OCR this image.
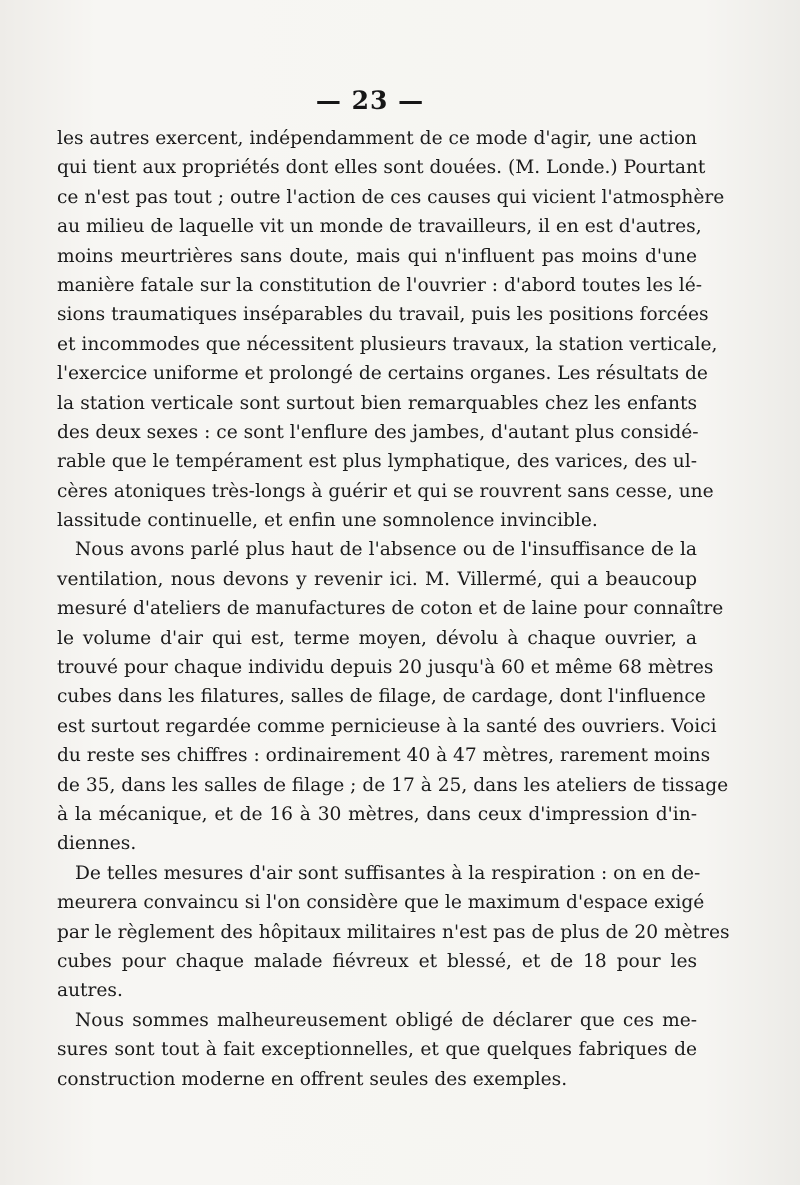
— 23 —
les autres exercent, indépendamment de ce mode d'agir, une action
qui tient aux propriétés dont elles sont douées. (M. Londe.) Pourtant
ce n'est pas tout ; outre l'action de ces causes qui vicient l'atmosphère
au milieu de laquelle vit un monde de travailleurs, il en est d'autres,
moins meurtrières sans doute, mais qui n'influent pas moins d'une
manière fatale sur la constitution de l'ouvrier : d'abord toutes les lé-
sions traumatiques inséparables du travail, puis les positions forcées
et incommodes que nécessitent plusieurs travaux, la station verticale,
l'exercice uniforme et prolongé de certains organes. Les résultats de
la station verticale sont surtout bien remarquables chez les enfants
des deux sexes : ce sont l'enflure des jambes, d'autant plus considé-
rable que le tempérament est plus lymphatique, des varices, des ul-
cères atoniques très-longs à guérir et qui se rouvrent sans cesse, une
lassitude continuelle, et enfin une somnolence invincible.
Nous avons parlé plus haut de l'absence ou de l'insuffisance de la
ventilation, nous devons y revenir ici. M. Villermé, qui a beaucoup
mesuré d'ateliers de manufactures de coton et de laine pour connaître
le volume d'air qui est, terme moyen, dévolu à chaque ouvrier, a
trouvé pour chaque individu depuis 20 jusqu'à 60 et même 68 mètres
cubes dans les filatures, salles de filage, de cardage, dont l'influence
est surtout regardée comme pernicieuse à la santé des ouvriers. Voici
du reste ses chiffres : ordinairement 40 à 47 mètres, rarement moins
de 35, dans les salles de filage ; de 17 à 25, dans les ateliers de tissage
à la mécanique, et de 16 à 30 mètres, dans ceux d'impression d'in-
diennes.
De telles mesures d'air sont suffisantes à la respiration : on en de-
meurera convaincu si l'on considère que le maximum d'espace exigé
par le règlement des hôpitaux militaires n'est pas de plus de 20 mètres
cubes pour chaque malade fiévreux et blessé, et de 18 pour les
autres.
Nous sommes malheureusement obligé de déclarer que ces me-
sures sont tout à fait exceptionnelles, et que quelques fabriques de
construction moderne en offrent seules des exemples.
